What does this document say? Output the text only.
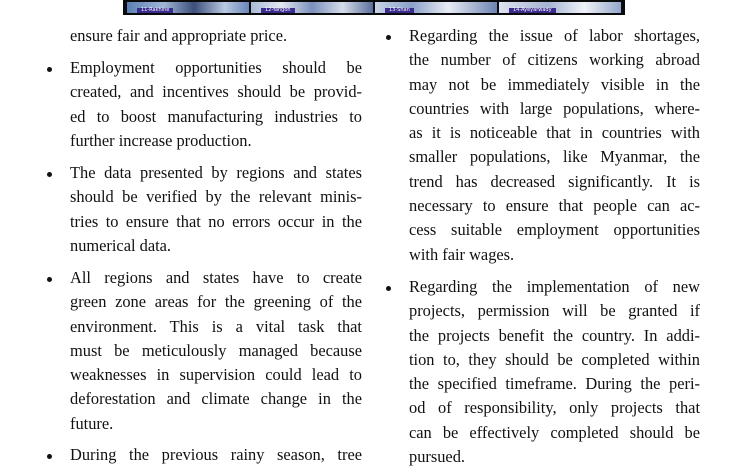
11-Rakhine	12-Yangon	13-Shan	14-Ayeyarwady
ensure fair and appropriate price.
Employment opportunities should be
created, and incentives should be provid-
ed to boost manufacturing industries to
further increase production.
The data presented by regions and states
should be verified by the relevant minis-
tries to ensure that no errors occur in the
numerical data.
All regions and states have to create
green zone areas for the greening of the
environment. This is a vital task that
must be meticulously managed because
weaknesses in supervision could lead to
deforestation and climate change in the
future.
During the previous rainy season, tree
Regarding the issue of labor shortages,
the number of citizens working abroad
may not be immediately visible in the
countries with large populations, where-
as it is noticeable that in countries with
smaller populations, like Myanmar, the
trend has decreased significantly. It is
necessary to ensure that people can ac-
cess suitable employment opportunities
with fair wages.
Regarding the implementation of new
projects, permission will be granted if
the projects benefit the country. In addi-
tion to, they should be completed within
the specified timeframe. During the peri-
od of responsibility, only projects that
can be effectively completed should be
pursued.
